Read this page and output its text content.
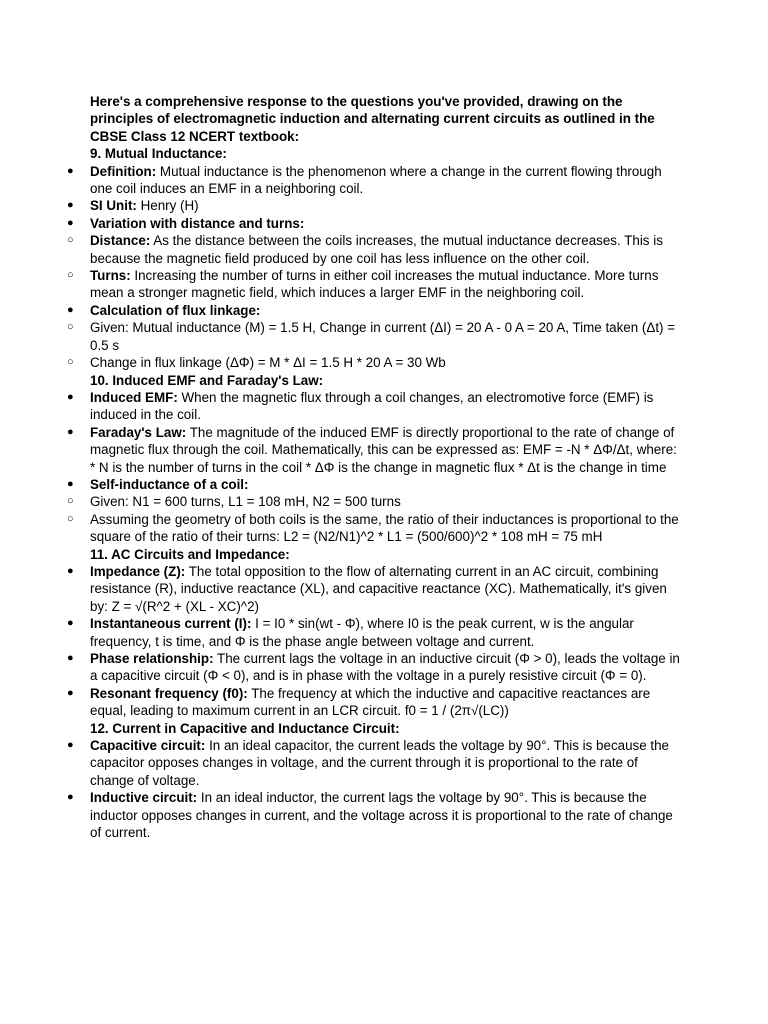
Here's a comprehensive response to the questions you've provided, drawing on the principles of electromagnetic induction and alternating current circuits as outlined in the CBSE Class 12 NCERT textbook:

9. Mutual Inductance:

● Definition: Mutual inductance is the phenomenon where a change in the current flowing through one coil induces an EMF in a neighboring coil.
● SI Unit: Henry (H)
● Variation with distance and turns:
○ Distance: As the distance between the coils increases, the mutual inductance decreases. This is because the magnetic field produced by one coil has less influence on the other coil.
○ Turns: Increasing the number of turns in either coil increases the mutual inductance. More turns mean a stronger magnetic field, which induces a larger EMF in the neighboring coil.
● Calculation of flux linkage:
○ Given: Mutual inductance (M) = 1.5 H, Change in current (ΔI) = 20 A - 0 A = 20 A, Time taken (Δt) = 0.5 s
○ Change in flux linkage (ΔΦ) = M * ΔI = 1.5 H * 20 A = 30 Wb

10. Induced EMF and Faraday's Law:

● Induced EMF: When the magnetic flux through a coil changes, an electromotive force (EMF) is induced in the coil.
● Faraday's Law: The magnitude of the induced EMF is directly proportional to the rate of change of magnetic flux through the coil. Mathematically, this can be expressed as: EMF = -N * ΔΦ/Δt, where: * N is the number of turns in the coil * ΔΦ is the change in magnetic flux * Δt is the change in time
● Self-inductance of a coil:
○ Given: N1 = 600 turns, L1 = 108 mH, N2 = 500 turns
○ Assuming the geometry of both coils is the same, the ratio of their inductances is proportional to the square of the ratio of their turns: L2 = (N2/N1)^2 * L1 = (500/600)^2 * 108 mH = 75 mH

11. AC Circuits and Impedance:

● Impedance (Z): The total opposition to the flow of alternating current in an AC circuit, combining resistance (R), inductive reactance (XL), and capacitive reactance (XC). Mathematically, it's given by: Z = √(R^2 + (XL - XC)^2)
● Instantaneous current (I): I = I0 * sin(wt - Φ), where I0 is the peak current, w is the angular frequency, t is time, and Φ is the phase angle between voltage and current.
● Phase relationship: The current lags the voltage in an inductive circuit (Φ > 0), leads the voltage in a capacitive circuit (Φ < 0), and is in phase with the voltage in a purely resistive circuit (Φ = 0).
● Resonant frequency (f0): The frequency at which the inductive and capacitive reactances are equal, leading to maximum current in an LCR circuit. f0 = 1 / (2π√(LC))

12. Current in Capacitive and Inductance Circuit:

● Capacitive circuit: In an ideal capacitor, the current leads the voltage by 90°. This is because the capacitor opposes changes in voltage, and the current through it is proportional to the rate of change of voltage.
● Inductive circuit: In an ideal inductor, the current lags the voltage by 90°. This is because the inductor opposes changes in current, and the voltage across it is proportional to the rate of change of current.
